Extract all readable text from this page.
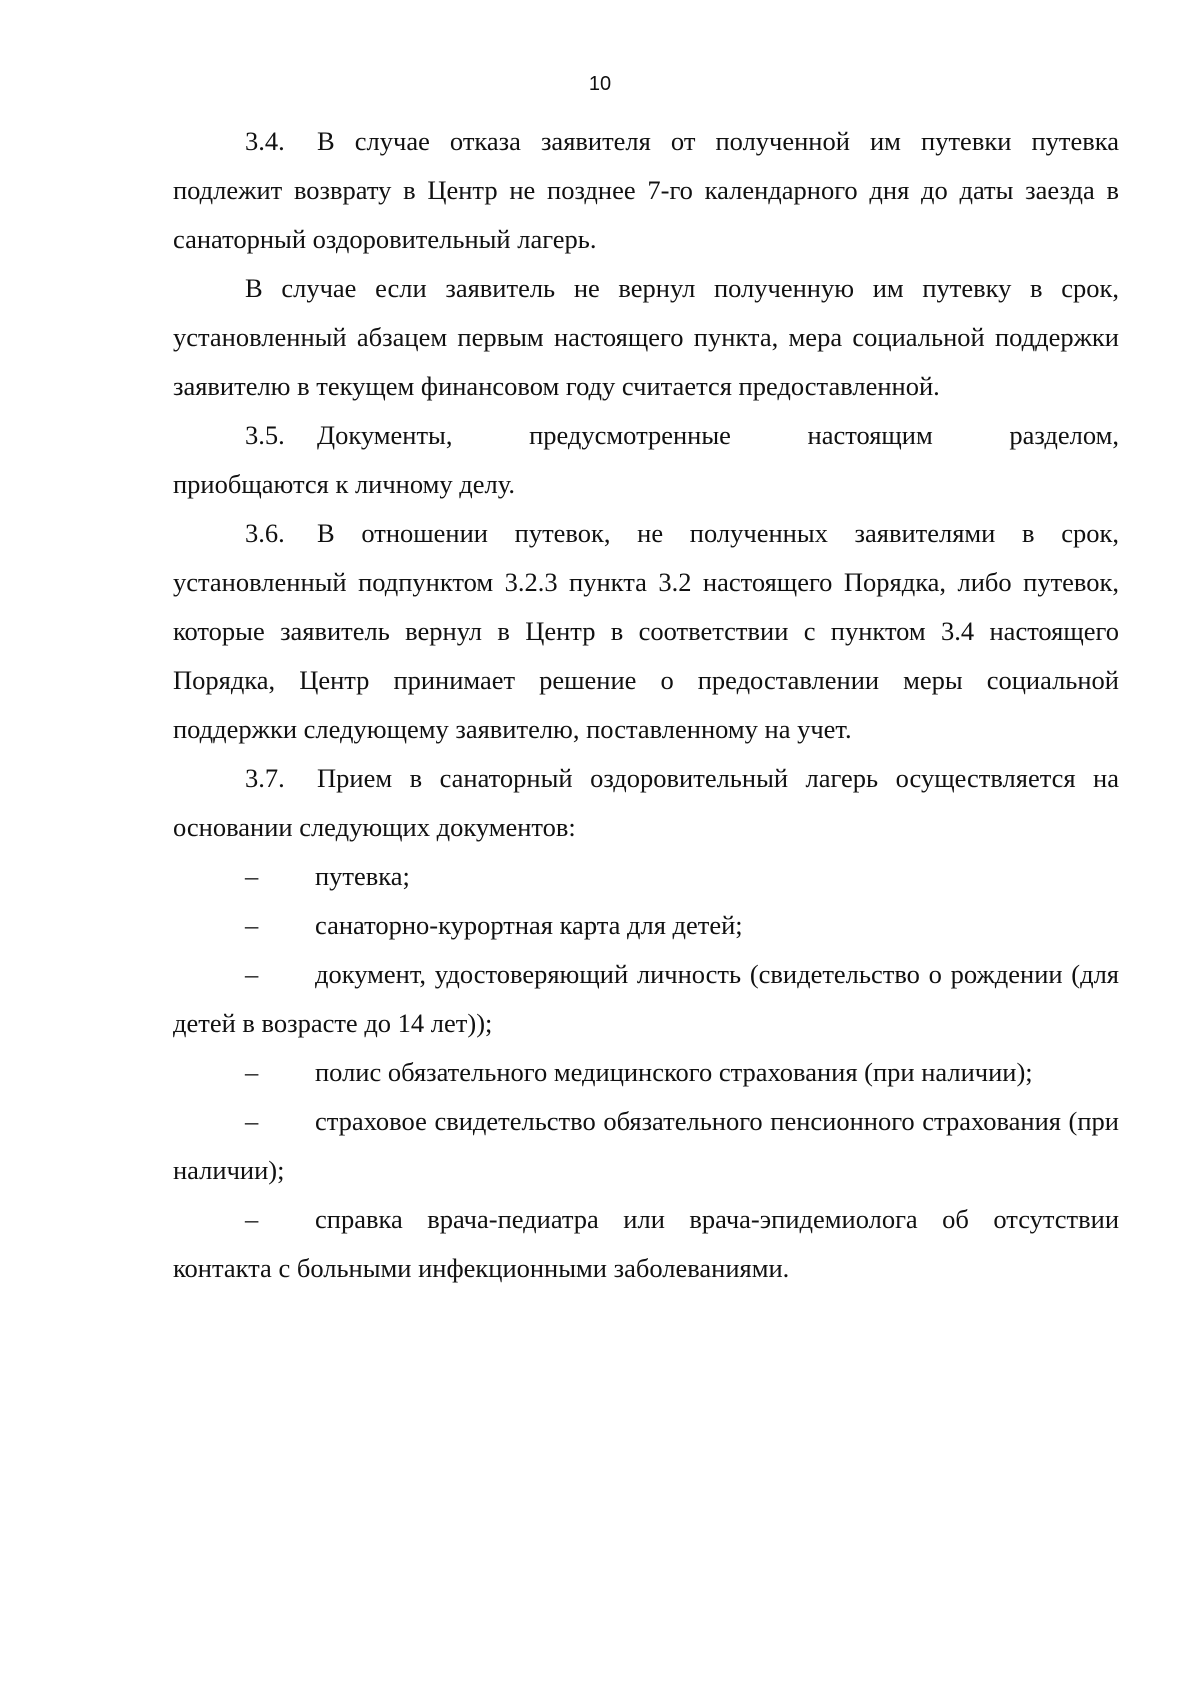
10

3.4. В случае отказа заявителя от полученной им путевки путевка подлежит возврату в Центр не позднее 7-го календарного дня до даты заезда в санаторный оздоровительный лагерь.

В случае если заявитель не вернул полученную им путевку в срок, установленный абзацем первым настоящего пункта, мера социальной поддержки заявителю в текущем финансовом году считается предоставленной.

3.5. Документы, предусмотренные настоящим разделом,

приобщаются к личному делу.

3.6. В отношении путевок, не полученных заявителями в срок, установленный подпунктом 3.2.3 пункта 3.2 настоящего Порядка, либо путевок, которые заявитель вернул в Центр в соответствии с пунктом 3.4 настоящего Порядка, Центр принимает решение о предоставлении меры социальной поддержки следующему заявителю, поставленному на учет.

3.7. Прием в санаторный оздоровительный лагерь осуществляется на основании следующих документов:

– путевка;

– санаторно-курортная карта для детей;

– документ, удостоверяющий личность (свидетельство о рождении (для детей в возрасте до 14 лет));

– полис обязательного медицинского страхования (при наличии);

– страховое свидетельство обязательного пенсионного страхования (при наличии);

– справка врача-педиатра или врача-эпидемиолога об отсутствии контакта с больными инфекционными заболеваниями.
